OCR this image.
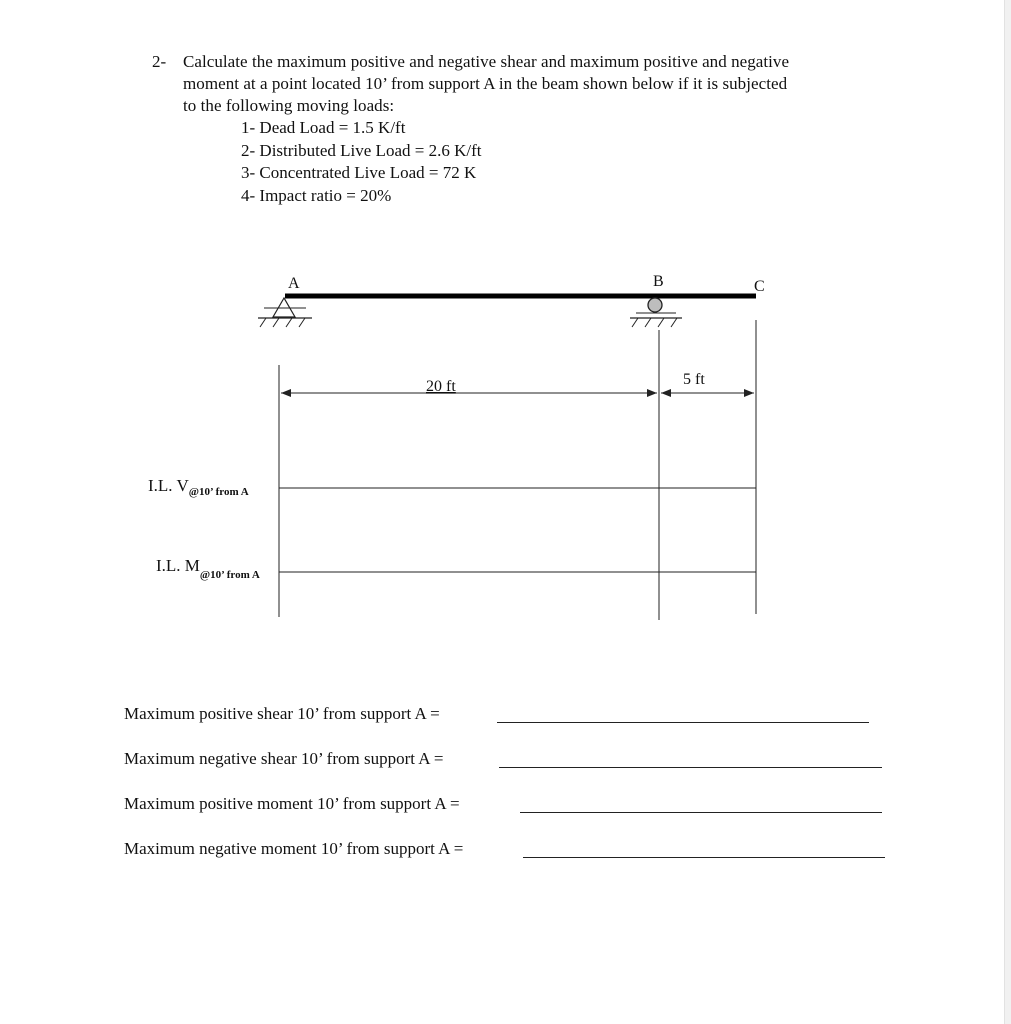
2- Calculate the maximum positive and negative shear and maximum positive and negative
moment at a point located 10’ from support A in the beam shown below if it is subjected
to the following moving loads:
1- Dead Load = 1.5 K/ft
2- Distributed Live Load = 2.6 K/ft
3- Concentrated Live Load = 72 K
4- Impact ratio = 20%
A	B	C
20 ft	5 ft
I.L. $V_{@10’ from A}$
I.L. $M_{@10’ from A}$
Maximum positive shear 10’ from support A =
Maximum negative shear 10’ from support A =
Maximum positive moment 10’ from support A =
Maximum negative moment 10’ from support A =
